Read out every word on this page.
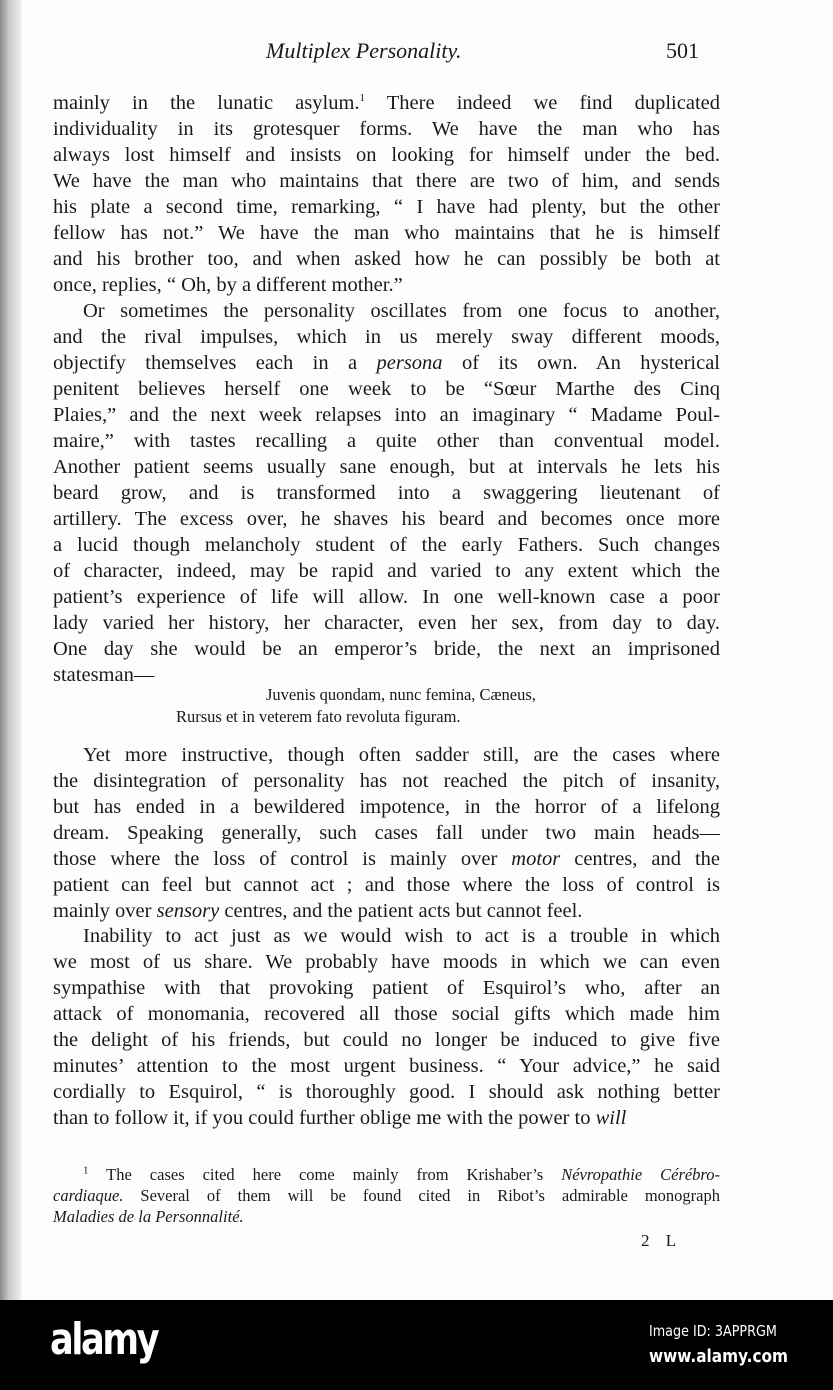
Multiplex Personality.	501
mainly in the lunatic asylum.$^1$ There indeed we find duplicated
individuality in its grotesquer forms. We have the man who has
always lost himself and insists on looking for himself under the bed.
We have the man who maintains that there are two of him, and sends
his plate a second time, remarking, “ I have had plenty, but the other
fellow has not.” We have the man who maintains that he is himself
and his brother too, and when asked how he can possibly be both at
once, replies, “ Oh, by a different mother.”
Or sometimes the personality oscillates from one focus to another,
and the rival impulses, which in us merely sway different moods,
objectify themselves each in a persona of its own. An hysterical
penitent believes herself one week to be “Sœur Marthe des Cinq
Plaies,” and the next week relapses into an imaginary “ Madame Poul-
maire,” with tastes recalling a quite other than conventual model.
Another patient seems usually sane enough, but at intervals he lets his
beard grow, and is transformed into a swaggering lieutenant of
artillery. The excess over, he shaves his beard and becomes once more
a lucid though melancholy student of the early Fathers. Such changes
of character, indeed, may be rapid and varied to any extent which the
patient’s experience of life will allow. In one well-known case a poor
lady varied her history, her character, even her sex, from day to day.
One day she would be an emperor’s bride, the next an imprisoned
statesman—
Yet more instructive, though often sadder still, are the cases where
the disintegration of personality has not reached the pitch of insanity,
but has ended in a bewildered impotence, in the horror of a lifelong
dream. Speaking generally, such cases fall under two main heads—
those where the loss of control is mainly over motor centres, and the
patient can feel but cannot act ; and those where the loss of control is
mainly over sensory centres, and the patient acts but cannot feel.
Inability to act just as we would wish to act is a trouble in which
we most of us share. We probably have moods in which we can even
sympathise with that provoking patient of Esquirol’s who, after an
attack of monomania, recovered all those social gifts which made him
the delight of his friends, but could no longer be induced to give five
minutes’ attention to the most urgent business. “ Your advice,” he said
cordially to Esquirol, “ is thoroughly good. I should ask nothing better
than to follow it, if you could further oblige me with the power to will
Juvenis quondam, nunc femina, Cæneus,
Rursus et in veterem fato revoluta figuram.
$^1$ The cases cited here come mainly from Krishaber’s Névropathie Cérébro-
cardiaque. Several of them will be found cited in Ribot’s admirable monograph
Maladies de la Personnalité.
2 L
alamy	Image ID: 3APPRGM
www.alamy.com
